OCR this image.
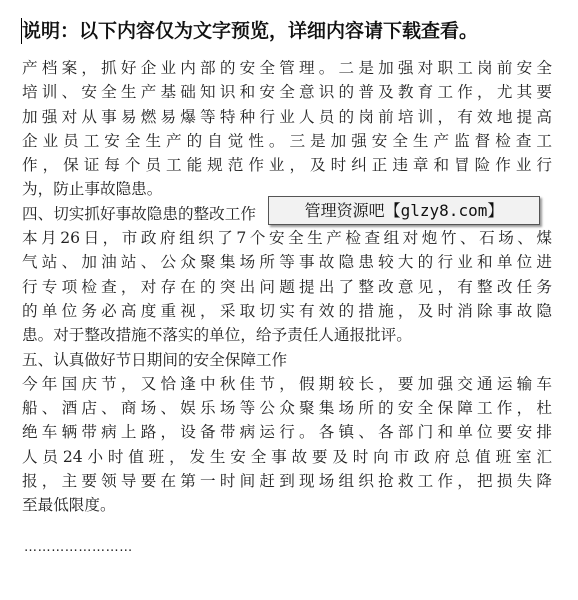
说明：以下内容仅为文字预览，详细内容请下载查看。
产档案，抓好企业内部的安全管理。二是加强对职工岗前安全
培训、安全生产基础知识和安全意识的普及教育工作，尤其要
加强对从事易燃易爆等特种行业人员的岗前培训，有效地提高
企业员工安全生产的自觉性。三是加强安全生产监督检查工
作，保证每个员工能规范作业，及时纠正违章和冒险作业行
为，防止事故隐患。
四、切实抓好事故隐患的整改工作
本月26日，市政府组织了7个安全生产检查组对炮竹、石场、煤
气站、加油站、公众聚集场所等事故隐患较大的行业和单位进
行专项检查，对存在的突出问题提出了整改意见，有整改任务
的单位务必高度重视，采取切实有效的措施，及时消除事故隐
患。对于整改措施不落实的单位，给予责任人通报批评。
五、认真做好节日期间的安全保障工作
今年国庆节，又恰逢中秋佳节，假期较长，要加强交通运输车
船、酒店、商场、娱乐场等公众聚集场所的安全保障工作，杜
绝车辆带病上路，设备带病运行。各镇、各部门和单位要安排
人员24小时值班，发生安全事故要及时向市政府总值班室汇
报，主要领导要在第一时间赶到现场组织抢救工作，把损失降
至最低限度。
管理资源吧【glzy8.com】
……………………
